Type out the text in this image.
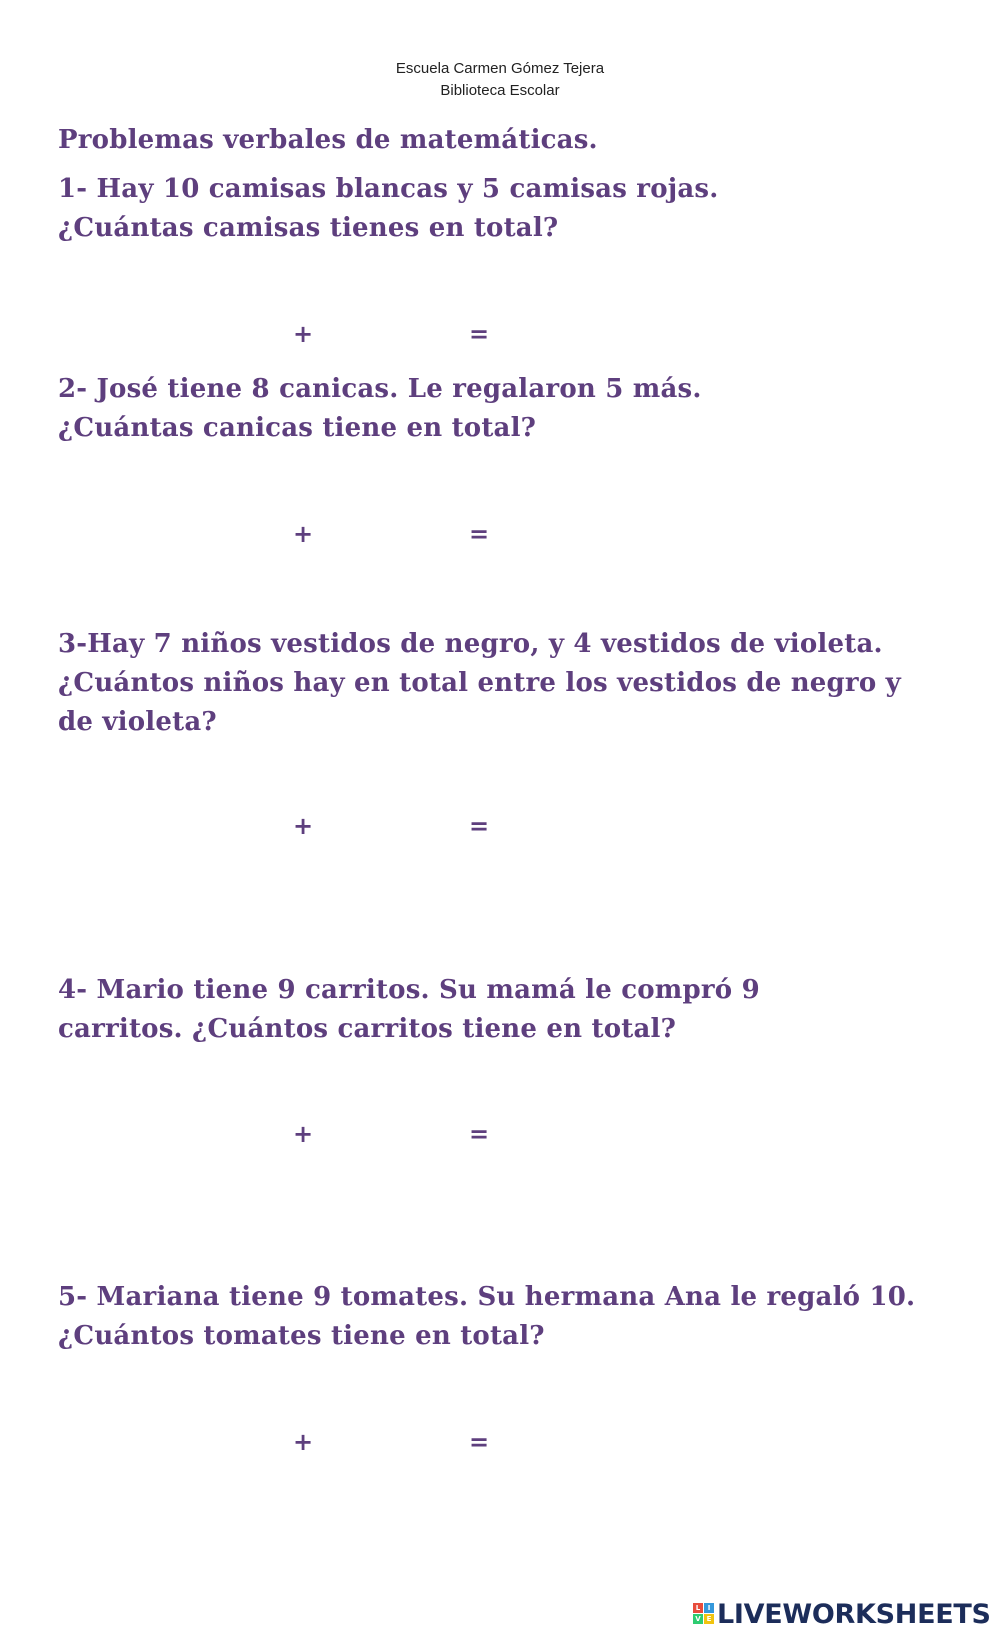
Escuela Carmen Gómez Tejera
Biblioteca Escolar
Problemas verbales de matemáticas.
1- Hay 10 camisas blancas y 5 camisas rojas. ¿Cuántas camisas tienes en total?
+	=
2- José tiene 8 canicas. Le regalaron 5 más. ¿Cuántas canicas tiene en total?
+	=
3-Hay 7 niños vestidos de negro, y 4 vestidos de violeta. ¿Cuántos niños hay en total entre los vestidos de negro y de violeta?
+	=
4- Mario tiene 9 carritos. Su mamá le compró 9 carritos. ¿Cuántos carritos tiene en total?
+	=
5- Mariana tiene 9 tomates. Su hermana Ana le regaló 10. ¿Cuántos tomates tiene en total?
+	=
L	I
V E LIVEWORKSHEETS
